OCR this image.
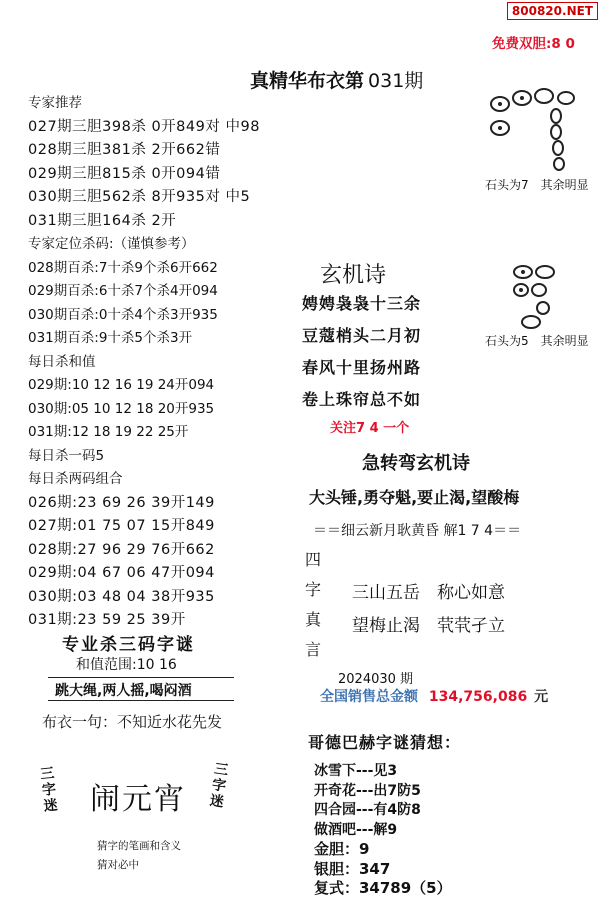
800820.NET
免费双胆:8 0
真精华布衣第 031期
专家推荐
027期三胆398杀 0开849对 中98
028期三胆381杀 2开662错
029期三胆815杀 0开094错
030期三胆562杀 8开935对 中5
031期三胆164杀 2开
专家定位杀码:（谨慎参考）
028期百杀:7十杀9个杀6开662
029期百杀:6十杀7个杀4开094
030期百杀:0十杀4个杀3开935
031期百杀:9十杀5个杀3开
每日杀和值
029期:10 12 16 19 24开094
030期:05 10 12 18 20开935
031期:12 18 19 22 25开
每日杀一码5
每日杀两码组合
026期:23 69 26 39开149
027期:01 75 07 15开849
028期:27 96 29 76开662
029期:04 67 06 47开094
030期:03 48 04 38开935
031期:23 59 25 39开
专业杀三码字谜
和值范围:10 16
跳大绳,两人摇,喝闷酒
布衣一句：不知近水花先发
三字迷 闹元宵
三字迷
猜字的笔画和含义
猜对必中
石头为7　其余明显
石头为5　其余明显
玄机诗
娉娉袅袅十三余
豆蔻梢头二月初
春风十里扬州路
卷上珠帘总不如
关注7 4 一个
急转弯玄机诗
大头锤,勇夺魁,要止渴,望酸梅
＝＝细云新月耿黄昏 解1 7 4＝＝
四
字
真
言
三山五岳　称心如意
望梅止渴　茕茕孑立
2024030 期
全国销售总金额 134,756,086 元
哥德巴赫字谜猜想：
冰雪下---见3
开奇花---出7防5
四合园---有4防8
做酒吧---解9
金胆：9
银胆：347
复式：34789（5）
